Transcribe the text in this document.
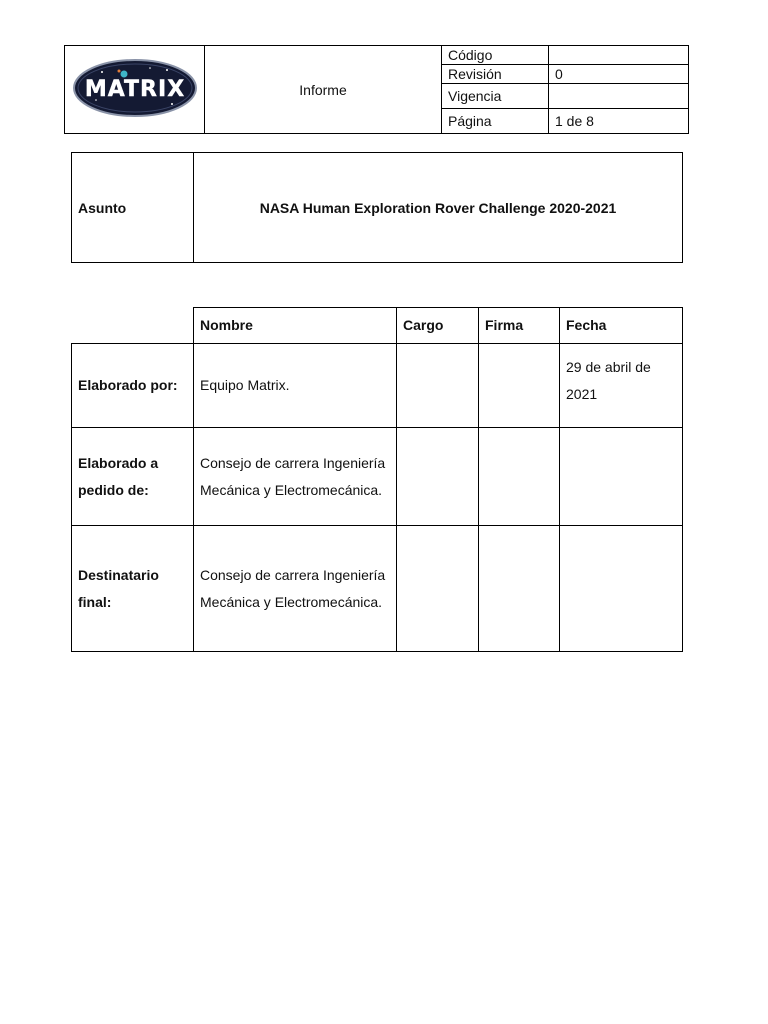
MATRIX	Informe	Código	
		Revisión	0
		Vigencia	
		Página	1 de 8
Asunto	NASA Human Exploration Rover Challenge 2020-2021
	Nombre	Cargo	Firma	Fecha
Elaborado por:	Equipo Matrix.			29 de abril de 2021
Elaborado a pedido de:	Consejo de carrera Ingeniería Mecánica y Electromecánica.			
Destinatario final:	Consejo de carrera Ingeniería Mecánica y Electromecánica.			
